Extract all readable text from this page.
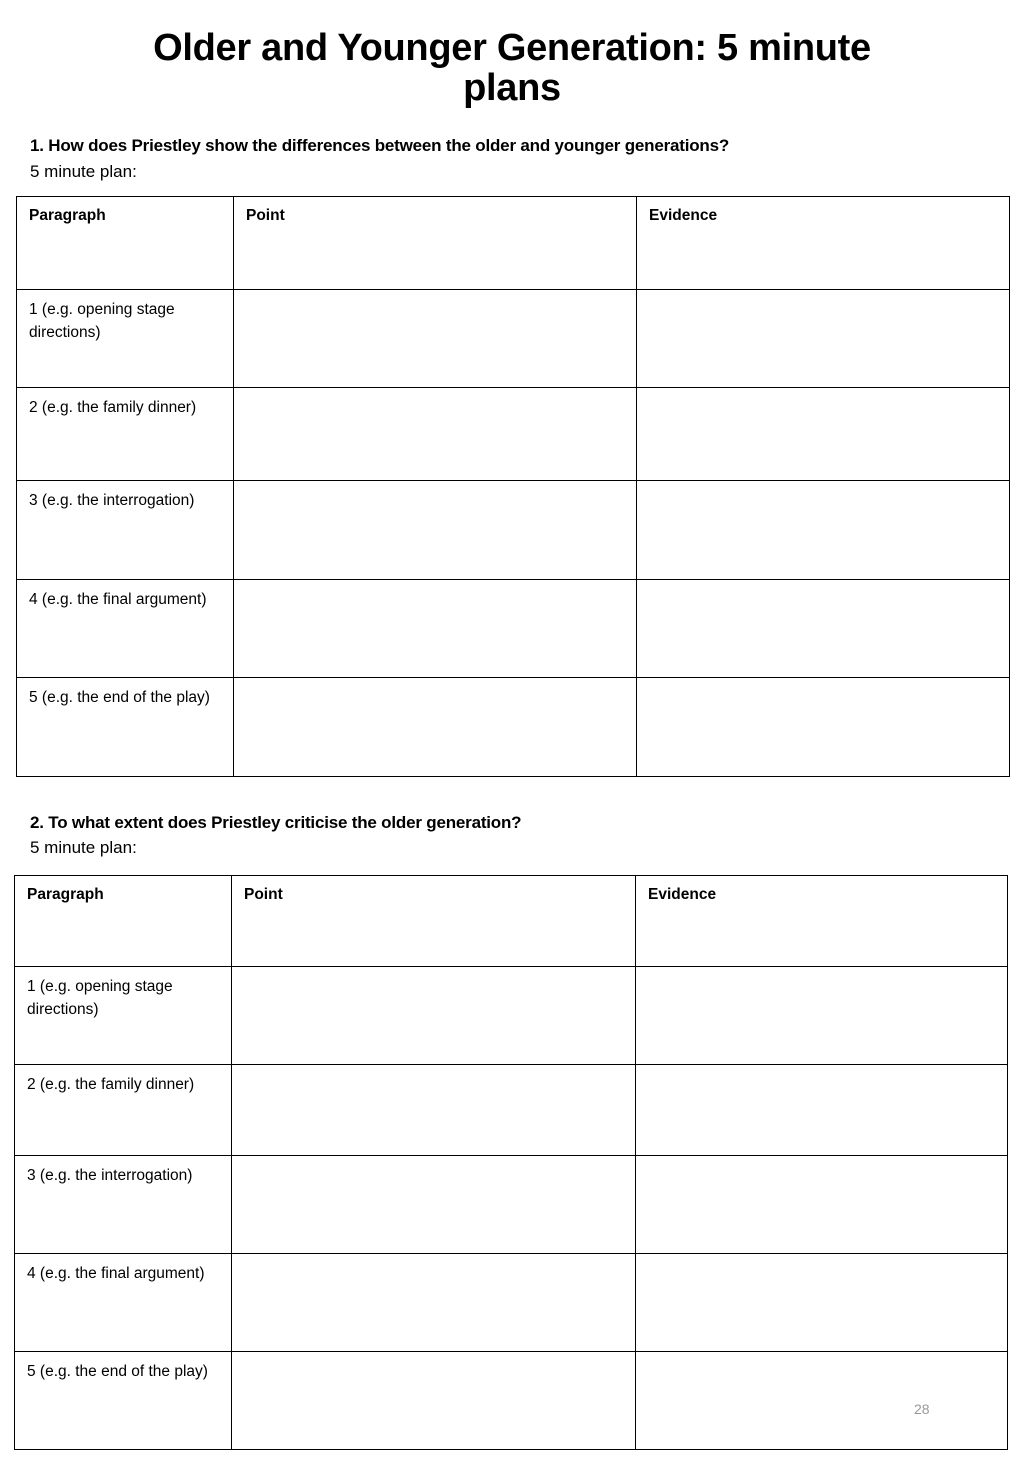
Older and Younger Generation: 5 minute plans
1. How does Priestley show the differences between the older and younger generations?
5 minute plan:
Paragraph	Point	Evidence
1 (e.g. opening stage directions)		
2 (e.g. the family dinner)		
3 (e.g. the interrogation)		
4 (e.g. the final argument)		
5 (e.g. the end of the play)		
2. To what extent does Priestley criticise the older generation?
5 minute plan:
Paragraph	Point	Evidence
1 (e.g. opening stage directions)		
2 (e.g. the family dinner)		
3 (e.g. the interrogation)		
4 (e.g. the final argument)		
5 (e.g. the end of the play)		
28
